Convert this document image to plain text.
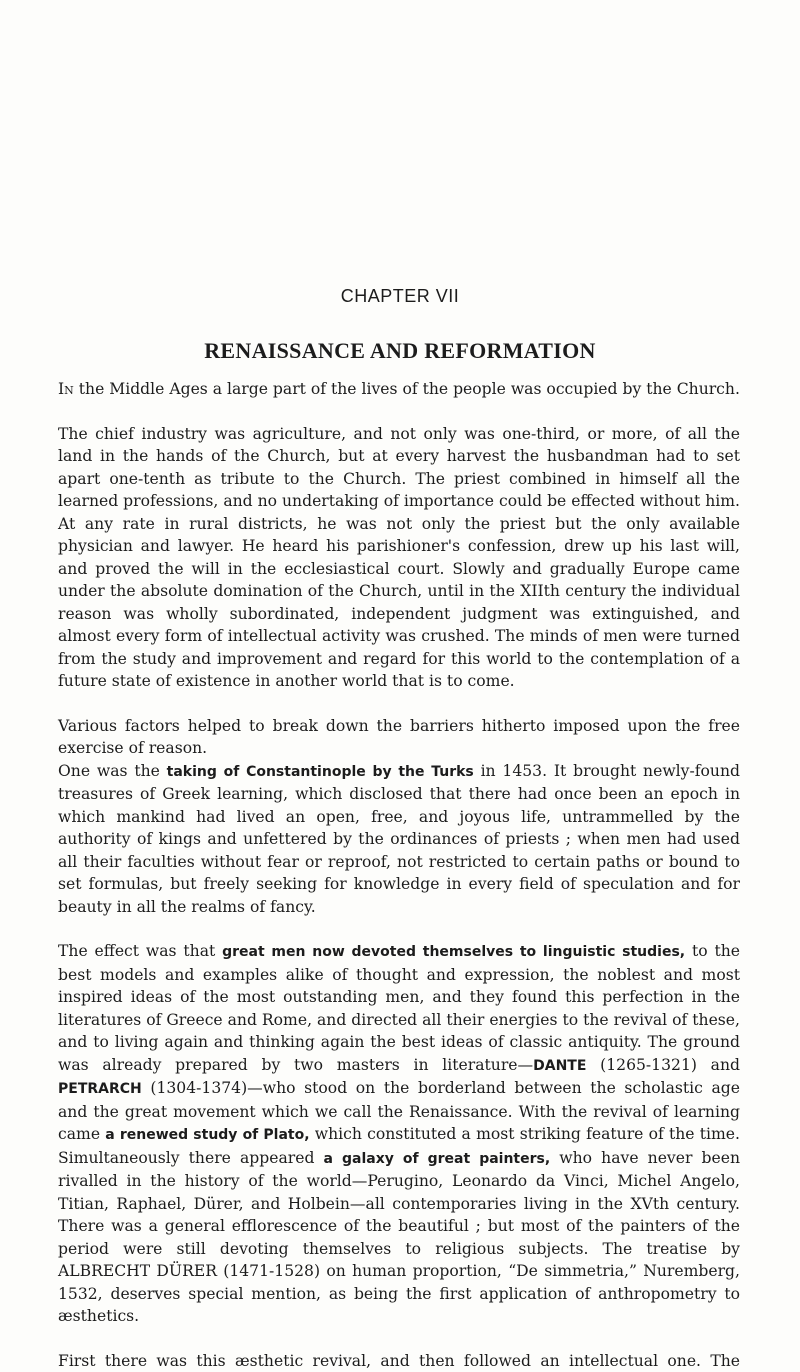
CHAPTER VII
RENAISSANCE AND REFORMATION

In the Middle Ages a large part of the lives of the people was occupied by the Church.

The chief industry was agriculture, and not only was one-third, or more, of all the land in the hands of the Church, but at every harvest the husbandman had to set apart one-tenth as tribute to the Church. The priest combined in himself all the learned professions, and no undertaking of importance could be effected without him. At any rate in rural districts, he was not only the priest but the only available physician and lawyer. He heard his parishioner's confession, drew up his last will, and proved the will in the ecclesiastical court. Slowly and gradually Europe came under the absolute domination of the Church, until in the XIIth century the individual reason was wholly subordinated, independent judgment was extinguished, and almost every form of intellectual activity was crushed. The minds of men were turned from the study and improvement and regard for this world to the contemplation of a future state of existence in another world that is to come.

Various factors helped to break down the barriers hitherto imposed upon the free exercise of reason.

One was the taking of Constantinople by the Turks in 1453. It brought newly-found treasures of Greek learning, which disclosed that there had once been an epoch in which mankind had lived an open, free, and joyous life, untrammelled by the authority of kings and unfettered by the ordinances of priests ; when men had used all their faculties without fear or reproof, not restricted to certain paths or bound to set formulas, but freely seeking for knowledge in every field of speculation and for beauty in all the realms of fancy.

The effect was that great men now devoted themselves to linguistic studies, to the best models and examples alike of thought and expression, the noblest and most inspired ideas of the most outstanding men, and they found this perfection in the literatures of Greece and Rome, and directed all their energies to the revival of these, and to living again and thinking again the best ideas of classic antiquity. The ground was already prepared by two masters in literature—DANTE (1265-1321) and PETRARCH (1304-1374)—who stood on the borderland between the scholastic age and the great movement which we call the Renaissance. With the revival of learning came a renewed study of Plato, which constituted a most striking feature of the time. Simultaneously there appeared a galaxy of great painters, who have never been rivalled in the history of the world—Perugino, Leonardo da Vinci, Michel Angelo, Titian, Raphael, Dürer, and Holbein—all contemporaries living in the XVth century. There was a general efflorescence of the beautiful ; but most of the painters of the period were still devoting themselves to religious subjects. The treatise by ALBRECHT DÜRER (1471-1528) on human proportion, “De simmetria,” Nuremberg, 1532, deserves special mention, as being the first application of anthropometry to æsthetics.

First there was this æsthetic revival, and then followed an intellectual one. The
